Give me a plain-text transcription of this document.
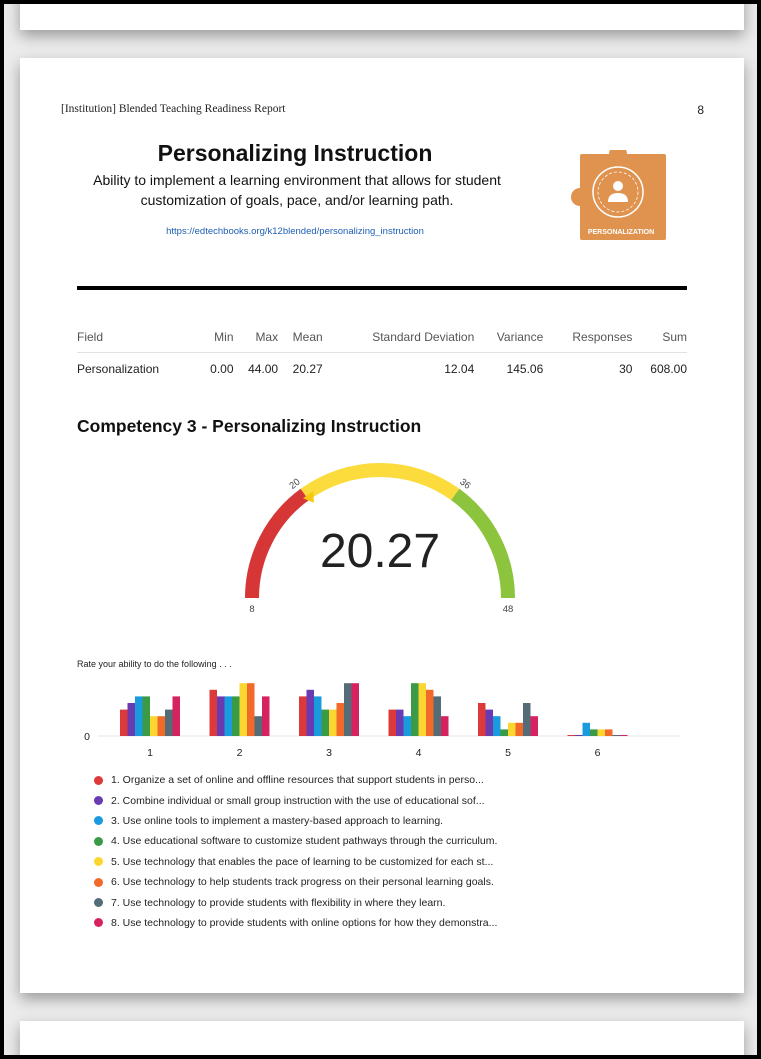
[Institution] Blended Teaching Readiness Report	8
Personalizing Instruction
Ability to implement a learning environment that allows for student
customization of goals, pace, and/or learning path.
https://edtechbooks.org/k12blended/personalizing_instruction	PERSONALIZATION
Field	Min	Max	Mean	Standard Deviation	Variance	Responses	Sum
Personalization	0.00	44.00	20.27	12.04	145.06	30	608.00
Competency 3 - Personalizing Instruction
8
20	36
48
20.27
Rate your ability to do the following . . .
0
1	2	3	4	5	6
1. Organize a set of online and offline resources that support students in perso...
2. Combine individual or small group instruction with the use of educational sof...
3. Use online tools to implement a mastery-based approach to learning.
4. Use educational software to customize student pathways through the curriculum.
5. Use technology that enables the pace of learning to be customized for each st...
6. Use technology to help students track progress on their personal learning goals.
7. Use technology to provide students with flexibility in where they learn.
8. Use technology to provide students with online options for how they demonstra...
